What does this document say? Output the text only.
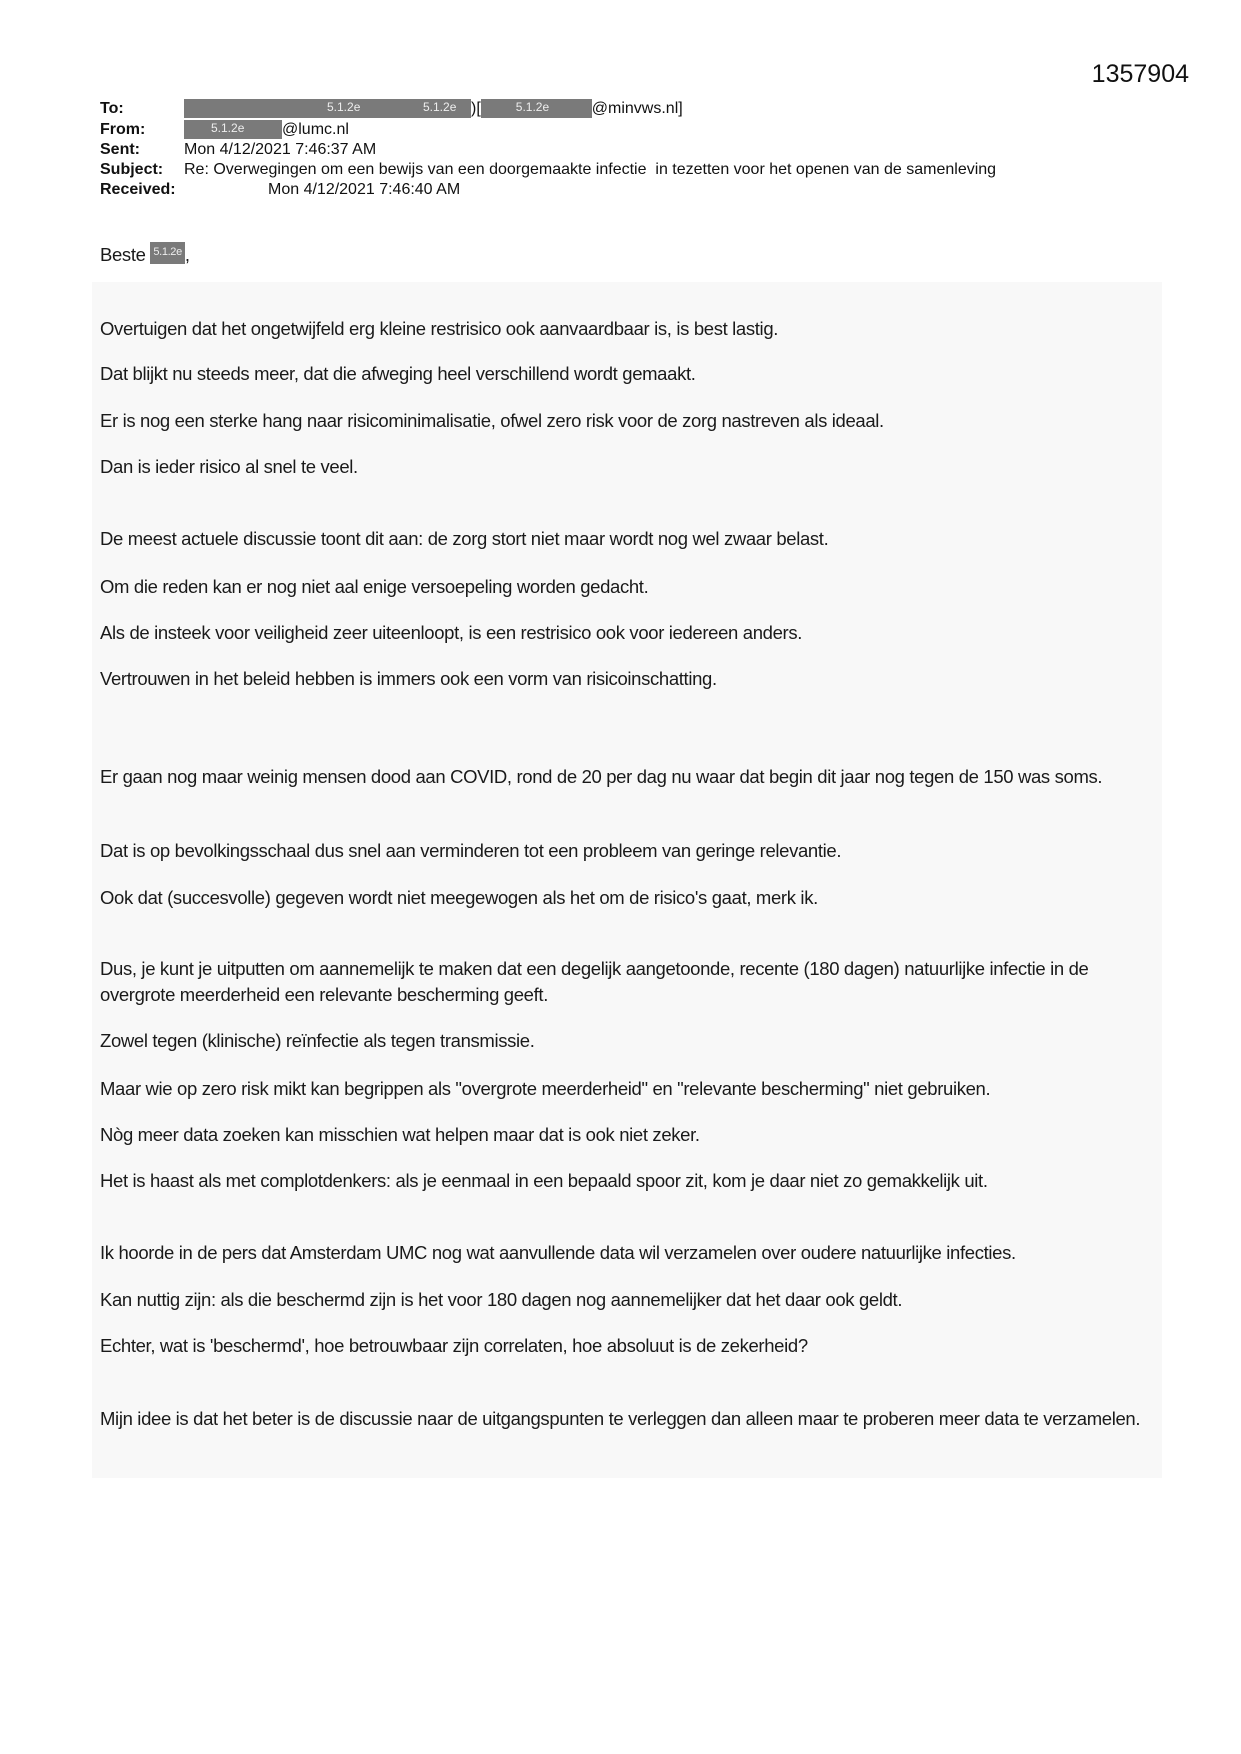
1357904
To:	5.1.2e	5.1.2e )[	5.1.2e	@minvws.nl]
From:	5.1.2e @lumc.nl
Sent:	Mon 4/12/2021 7:46:37 AM
Subject: Re: Overwegingen om een bewijs van een doorgemaakte infectie  in tezetten voor het openen van de samenleving
Received:	Mon 4/12/2021 7:46:40 AM
Beste 5.1.2e ,

Overtuigen dat het ongetwijfeld erg kleine restrisico ook aanvaardbaar is, is best lastig.

Dat blijkt nu steeds meer, dat die afweging heel verschillend wordt gemaakt.

Er is nog een sterke hang naar risicominimalisatie, ofwel zero risk voor de zorg nastreven als ideaal.

Dan is ieder risico al snel te veel.

De meest actuele discussie toont dit aan: de zorg stort niet maar wordt nog wel zwaar belast.

Om die reden kan er nog niet aal enige versoepeling worden gedacht.

Als de insteek voor veiligheid zeer uiteenloopt, is een restrisico ook voor iedereen anders.

Vertrouwen in het beleid hebben is immers ook een vorm van risicoinschatting.

Er gaan nog maar weinig mensen dood aan COVID, rond de 20 per dag nu waar dat begin dit jaar nog tegen de 150 was soms.

Dat is op bevolkingsschaal dus snel aan verminderen tot een probleem van geringe relevantie.

Ook dat (succesvolle) gegeven wordt niet meegewogen als het om de risico's gaat, merk ik.

Dus, je kunt je uitputten om aannemelijk te maken dat een degelijk aangetoonde, recente (180 dagen) natuurlijke infectie in de overgrote meerderheid een relevante bescherming geeft.

Zowel tegen (klinische) reïnfectie als tegen transmissie.

Maar wie op zero risk mikt kan begrippen als "overgrote meerderheid" en "relevante bescherming" niet gebruiken.

Nòg meer data zoeken kan misschien wat helpen maar dat is ook niet zeker.

Het is haast als met complotdenkers: als je eenmaal in een bepaald spoor zit, kom je daar niet zo gemakkelijk uit.

Ik hoorde in de pers dat Amsterdam UMC nog wat aanvullende data wil verzamelen over oudere natuurlijke infecties.

Kan nuttig zijn: als die beschermd zijn is het voor 180 dagen nog aannemelijker dat het daar ook geldt.

Echter, wat is 'beschermd', hoe betrouwbaar zijn correlaten, hoe absoluut is de zekerheid?

Mijn idee is dat het beter is de discussie naar de uitgangspunten te verleggen dan alleen maar te proberen meer data te verzamelen.
